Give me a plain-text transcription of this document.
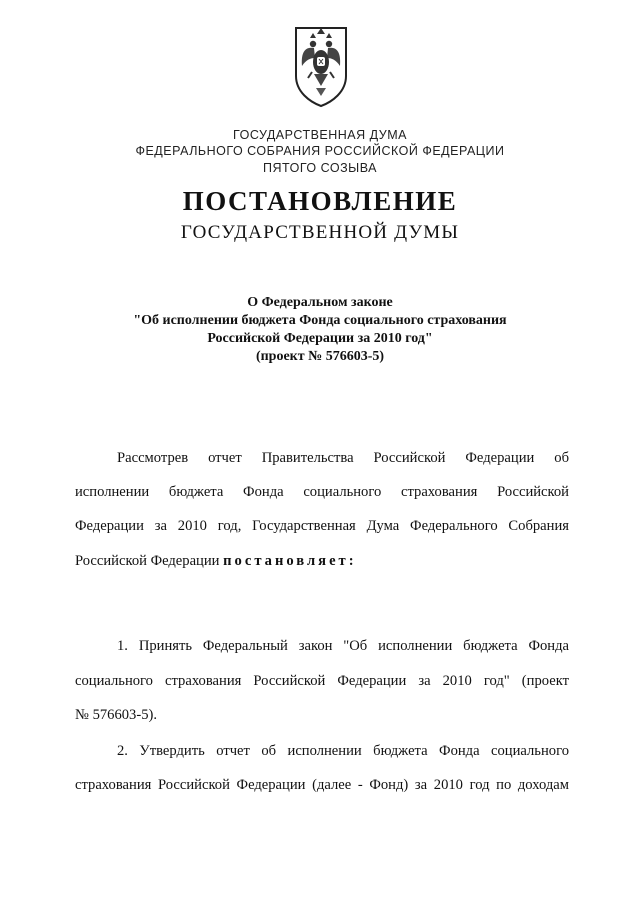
ГОСУДАРСТВЕННАЯ ДУМА
ФЕДЕРАЛЬНОГО СОБРАНИЯ РОССИЙСКОЙ ФЕДЕРАЦИИ
ПЯТОГО СОЗЫВА
ПОСТАНОВЛЕНИЕ
ГОСУДАРСТВЕННОЙ ДУМЫ
О Федеральном законе
"Об исполнении бюджета Фонда социального страхования
Российской Федерации за 2010 год"
(проект № 576603-5)
Рассмотрев отчет Правительства Российской Федерации об
исполнении бюджета Фонда социального страхования Российской
Федерации за 2010 год, Государственная Дума Федерального Собрания
Российской Федерации постановляет:
1. Принять Федеральный закон "Об исполнении бюджета Фонда
социального страхования Российской Федерации за 2010 год" (проект
№ 576603-5).
2. Утвердить отчет об исполнении бюджета Фонда социального
страхования Российской Федерации (далее - Фонд) за 2010 год по доходам
